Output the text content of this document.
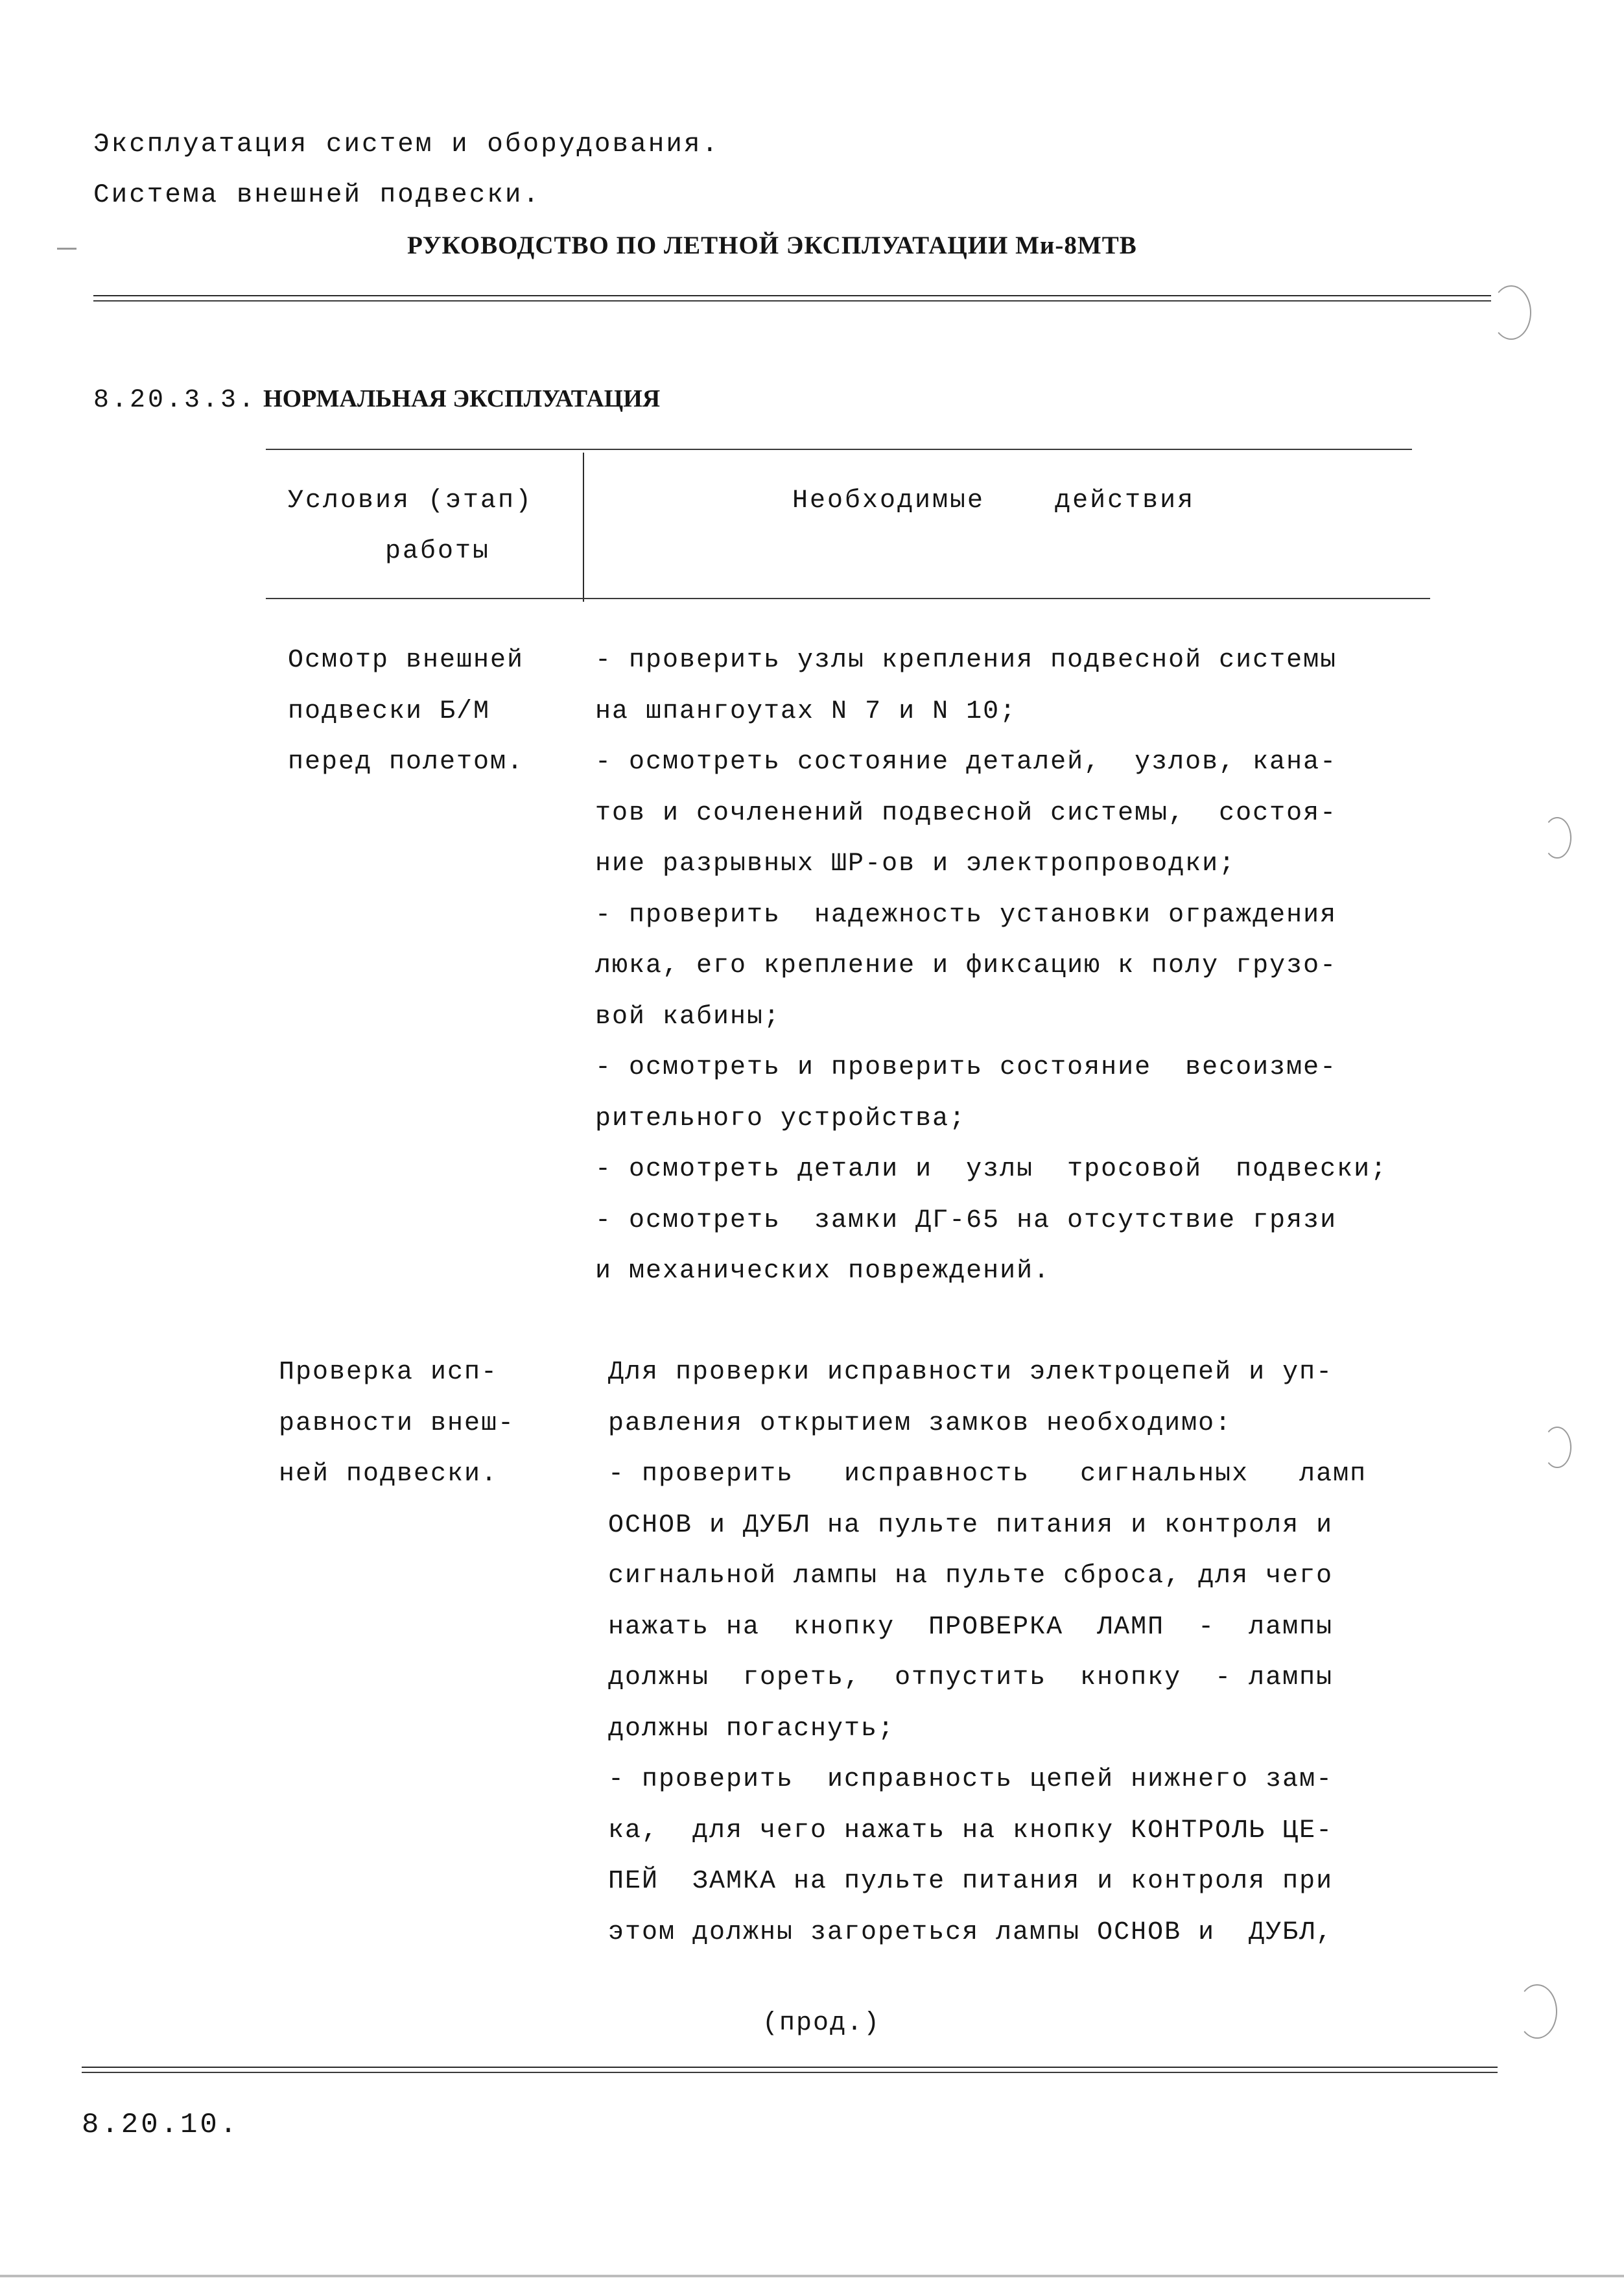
Эксплуатация систем и оборудования.
Система внешней подвески.
РУКОВОДСТВО ПО ЛЕТНОЙ ЭКСПЛУАТАЦИИ Ми-8МТВ
8.20.3.3. НОРМАЛЬНАЯ ЭКСПЛУАТАЦИЯ
Условия (этап)
работы
Необходимые    действия
Осмотр внешней
подвески Б/М
перед полетом.
- проверить узлы крепления подвесной системы
на шпангоутах N 7 и N 10;
- осмотреть состояние деталей,  узлов, кана-
тов и сочленений подвесной системы,  состоя-
ние разрывных ШР-ов и электропроводки;
- проверить  надежность установки ограждения
люка, его крепление и фиксацию к полу грузо-
вой кабины;
- осмотреть и проверить состояние  весоизме-
рительного устройства;
- осмотреть детали и  узлы  тросовой  подвески;
- осмотреть  замки ДГ-65 на отсутствие грязи
и механических повреждений.
Проверка исп-
равности внеш-
ней подвески.
Для проверки исправности электроцепей и уп-
равления открытием замков необходимо:
- проверить   исправность   сигнальных   ламп
ОСНОВ и ДУБЛ на пульте питания и контроля и
сигнальной лампы на пульте сброса, для чего
нажать на  кнопку  ПРОВЕРКА  ЛАМП  -  лампы
должны  гореть,  отпустить  кнопку  - лампы
должны погаснуть;
- проверить  исправность цепей нижнего зам-
ка,  для чего нажать на кнопку КОНТРОЛЬ ЦЕ-
ПЕЙ  ЗАМКА на пульте питания и контроля при
этом должны загореться лампы ОСНОВ и  ДУБЛ,
(прод.)
8.20.10.
